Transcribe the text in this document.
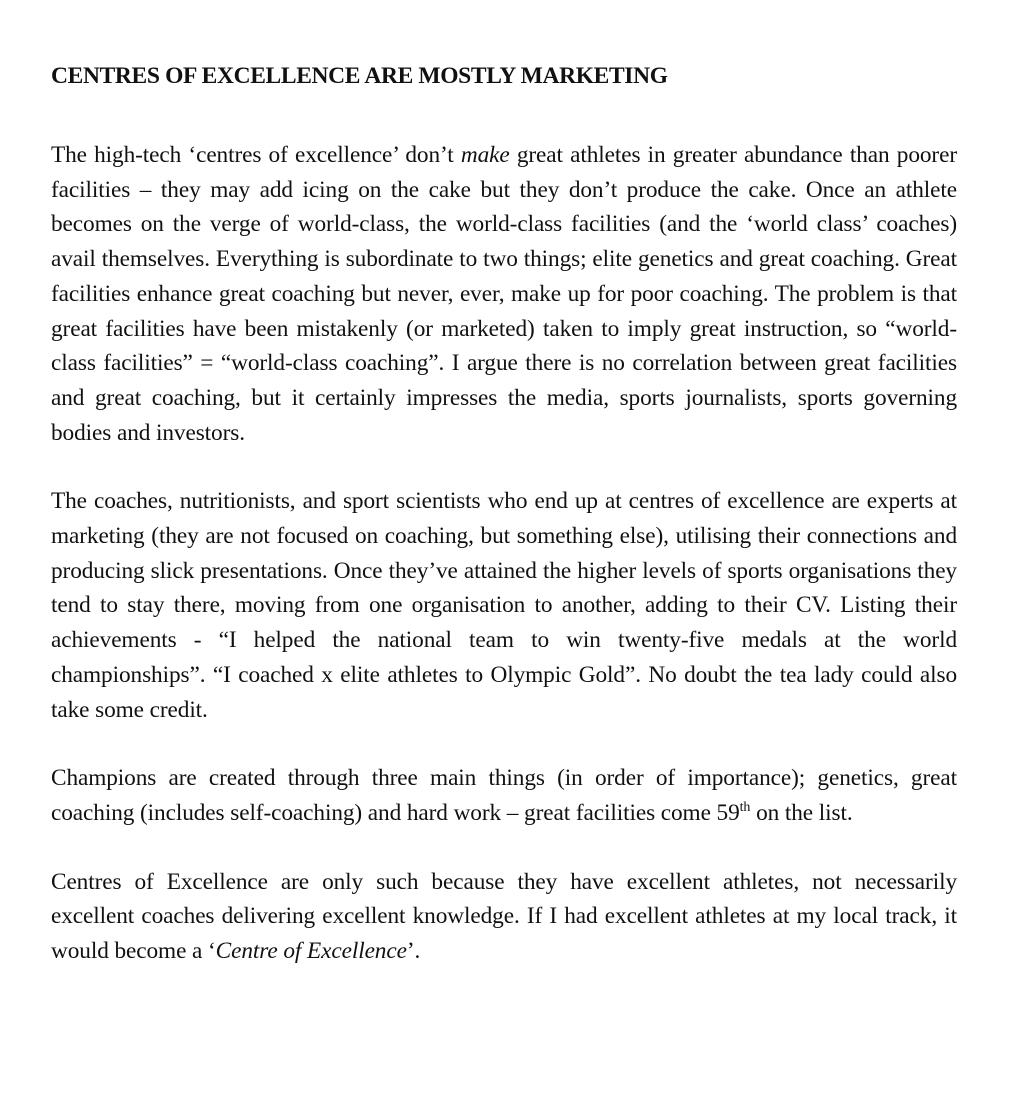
CENTRES OF EXCELLENCE ARE MOSTLY MARKETING

The high-tech ‘centres of excellence’ don’t make great athletes in greater abundance than poorer facilities – they may add icing on the cake but they don’t produce the cake. Once an athlete becomes on the verge of world-class, the world-class facilities (and the ‘world class’ coaches) avail themselves. Everything is subordinate to two things; elite genetics and great coaching. Great facilities enhance great coaching but never, ever, make up for poor coaching. The problem is that great facilities have been mistakenly (or marketed) taken to imply great instruction, so “world-class facilities” = “world-class coaching”. I argue there is no correlation between great facilities and great coaching, but it certainly impresses the media, sports journalists, sports governing bodies and investors.

The coaches, nutritionists, and sport scientists who end up at centres of excellence are experts at marketing (they are not focused on coaching, but something else), utilising their connections and producing slick presentations. Once they’ve attained the higher levels of sports organisations they tend to stay there, moving from one organisation to another, adding to their CV. Listing their achievements - “I helped the national team to win twenty-five medals at the world championships”. “I coached x elite athletes to Olympic Gold”. No doubt the tea lady could also take some credit.

Champions are created through three main things (in order of importance); genetics, great coaching (includes self-coaching) and hard work – great facilities come 59th on the list.

Centres of Excellence are only such because they have excellent athletes, not necessarily excellent coaches delivering excellent knowledge. If I had excellent athletes at my local track, it would become a ‘Centre of Excellence’.
